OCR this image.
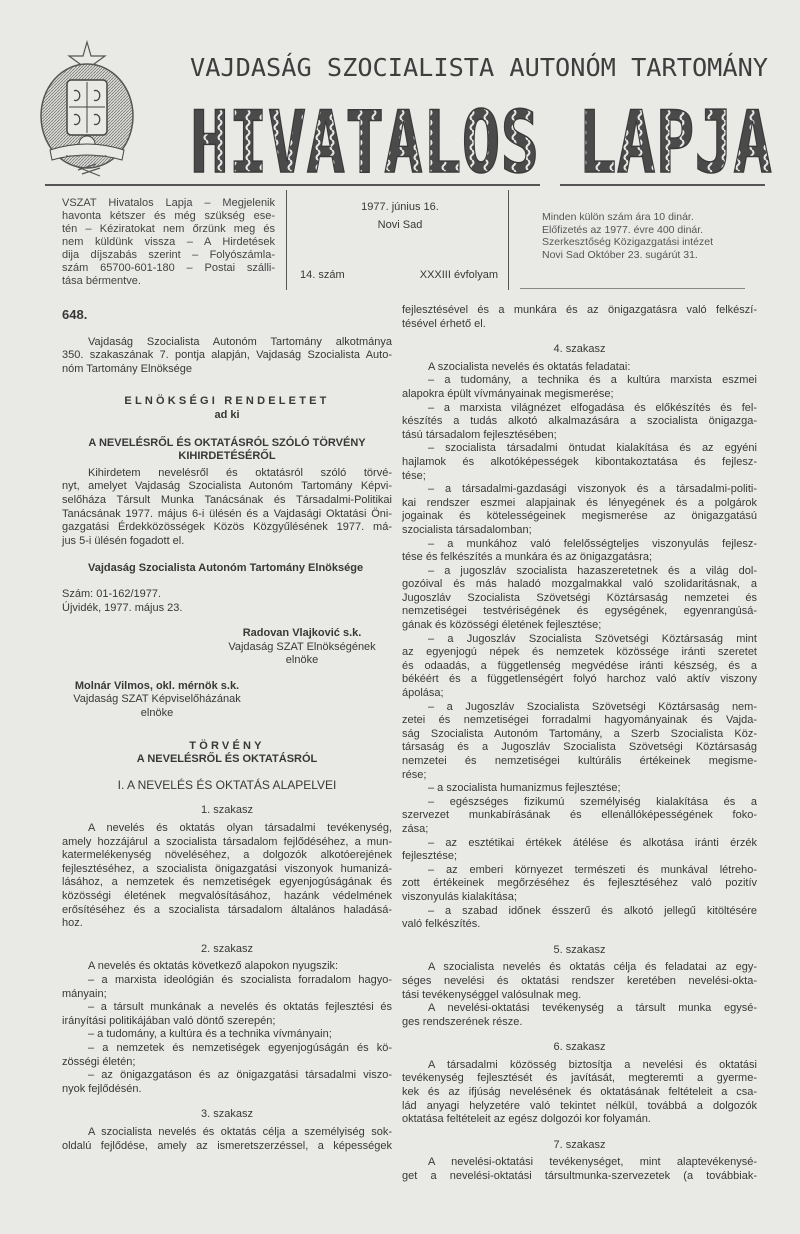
VAJDASÁG SZOCIALISTA AUTONÓM TARTOMÁNY
HIVATALOS LAPJA
VSZAT Hivatalos Lapja – Megjelenik
havonta kétszer és még szükség ese-
tén – Kéziratokat nem őrzünk meg és
nem küldünk vissza – A Hirdetések
dija díjszabás szerint – Folyószámla-
szám 65700-601-180 – Postai szálli-
tása bérmentve.
1977. június 16.
Novi Sad
14. szám	XXXIII évfolyam
Minden külön szám ára 10 dinár.
Előfizetés az 1977. évre 400 dinár.
Szerkesztőség Közigazgatási intézet
Novi Sad Október 23. sugárút 31.
648.
Vajdaság Szocialista Autonóm Tartomány alkotmánya
350. szakaszának 7. pontja alapján, Vajdaság Szocialista Auto-
nóm Tartomány Elnöksége
ELNÖKSÉGI RENDELETET
ad ki
A NEVELÉSRŐL ÉS OKTATÁSRÓL SZÓLÓ TÖRVÉNY
KIHIRDETÉSÉRŐL
Kihirdetem nevelésről és oktatásról szóló törvé-
nyt, amelyet Vajdaság Szocialista Autonóm Tartomány Képvi-
selőháza Társult Munka Tanácsának és Társadalmi-Politikai
Tanácsának 1977. május 6-i ülésén és a Vajdasági Oktatási Öni-
gazgatási Érdekközösségek Közös Közgyűlésének 1977. má-
jus 5-i ülésén fogadott el.
Vajdaság Szocialista Autonóm Tartomány Elnöksége
Szám: 01-162/1977.
Újvidék, 1977. május 23.
Radovan Vlajković s.k.
Vajdaság SZAT Elnökségének
elnöke
Molnár Vilmos, okl. mérnök s.k.
Vajdaság SZAT Képviselőházának
elnöke
TÖRVÉNY
A NEVELÉSRŐL ÉS OKTATÁSRÓL
I. A NEVELÉS ÉS OKTATÁS ALAPELVEI
1. szakasz
A nevelés és oktatás olyan társadalmi tevékenység,
amely hozzájárul a szocialista társadalom fejlődéséhez, a mun-
katermelékenység növeléséhez, a dolgozók alkotóerejének
fejlesztéséhez, a szocialista önigazgatási viszonyok humanizá-
lásához, a nemzetek és nemzetiségek egyenjogúságának és
közösségi életének megvalósításához, hazánk védelmének
erősítéséhez és a szocialista társadalom általános haladásá-
hoz.
2. szakasz
A nevelés és oktatás következő alapokon nyugszik:
– a marxista ideológián és szocialista forradalom hagyo-
mányain;
– a társult munkának a nevelés és oktatás fejlesztési és
irányítási politikájában való döntő szerepén;
– a tudomány, a kultúra és a technika vívmányain;
– a nemzetek és nemzetiségek egyenjogúságán és kö-
zösségi életén;
– az önigazgatáson és az önigazgatási társadalmi viszo-
nyok fejlődésén.
3. szakasz
A szocialista nevelés és oktatás célja a személyiség sok-
oldalú fejlődése, amely az ismeretszerzéssel, a képességek
fejlesztésével és a munkára és az önigazgatásra való felkészí-
tésével érhető el.
4. szakasz
A szocialista nevelés és oktatás feladatai:
– a tudomány, a technika és a kultúra marxista eszmei
alapokra épült vívmányainak megismerése;
– a marxista világnézet elfogadása és előkészítés és fel-
készítés a tudás alkotó alkalmazására a szocialista önigazga-
tású társadalom fejlesztésében;
– szocialista társadalmi öntudat kialakítása és az egyéni
hajlamok és alkotóképességek kibontakoztatása és fejlesz-
tése;
– a társadalmi-gazdasági viszonyok és a társadalmi-politi-
kai rendszer eszmei alapjainak és lényegének és a polgárok
jogainak és kötelességeinek megismerése az önigazgatású
szocialista társadalomban;
– a munkához való felelősségteljes viszonyulás fejlesz-
tése és felkészítés a munkára és az önigazgatásra;
– a jugoszláv szocialista hazaszeretetnek és a világ dol-
gozóival és más haladó mozgalmakkal való szolidaritásnak, a
Jugoszláv Szocialista Szövetségi Köztársaság nemzetei és
nemzetiségei testvériségének és egységének, egyenrangúsá-
gának és közösségi életének fejlesztése;
– a Jugoszláv Szocialista Szövetségi Köztársaság mint
az egyenjogú népek és nemzetek közössége iránti szeretet
és odaadás, a függetlenség megvédése iránti készség, és a
békéért és a függetlenségért folyó harchoz való aktív viszony
ápolása;
– a Jugoszláv Szocialista Szövetségi Köztársaság nem-
zetei és nemzetiségei forradalmi hagyományainak és Vajda-
ság Szocialista Autonóm Tartomány, a Szerb Szocialista Köz-
társaság és a Jugoszláv Szocialista Szövetségi Köztársaság
nemzetei és nemzetiségei kultúrális értékeinek megisme-
rése;
– a szocialista humanizmus fejlesztése;
– egészséges fizikumú személyiség kialakítása és a
szervezet munkabírásának és ellenállóképességének foko-
zása;
– az esztétikai értékek átélése és alkotása iránti érzék
fejlesztése;
– az emberi környezet természeti és munkával létreho-
zott értékeinek megőrzéséhez és fejlesztéséhez való pozitív
viszonyulás kialakítása;
– a szabad időnek ésszerű és alkotó jellegű kitöltésére
való felkészítés.
5. szakasz
A szocialista nevelés és oktatás célja és feladatai az egy-
séges nevelési és oktatási rendszer keretében nevelési-okta-
tási tevékenységgel valósulnak meg.
A nevelési-oktatási tevékenység a társult munka egysé-
ges rendszerének része.
6. szakasz
A társadalmi közösség biztosítja a nevelési és oktatási
tevékenység fejlesztését és javítását, megteremti a gyerme-
kek és az ifjúság nevelésének és oktatásának feltételeit a csa-
lád anyagi helyzetére való tekintet nélkül, továbbá a dolgozók
oktatása feltételeit az egész dolgozói kor folyamán.
7. szakasz
A nevelési-oktatási tevékenységet, mint alaptevékenysé-
get a nevelési-oktatási társultmunka-szervezetek (a továbbiak-
